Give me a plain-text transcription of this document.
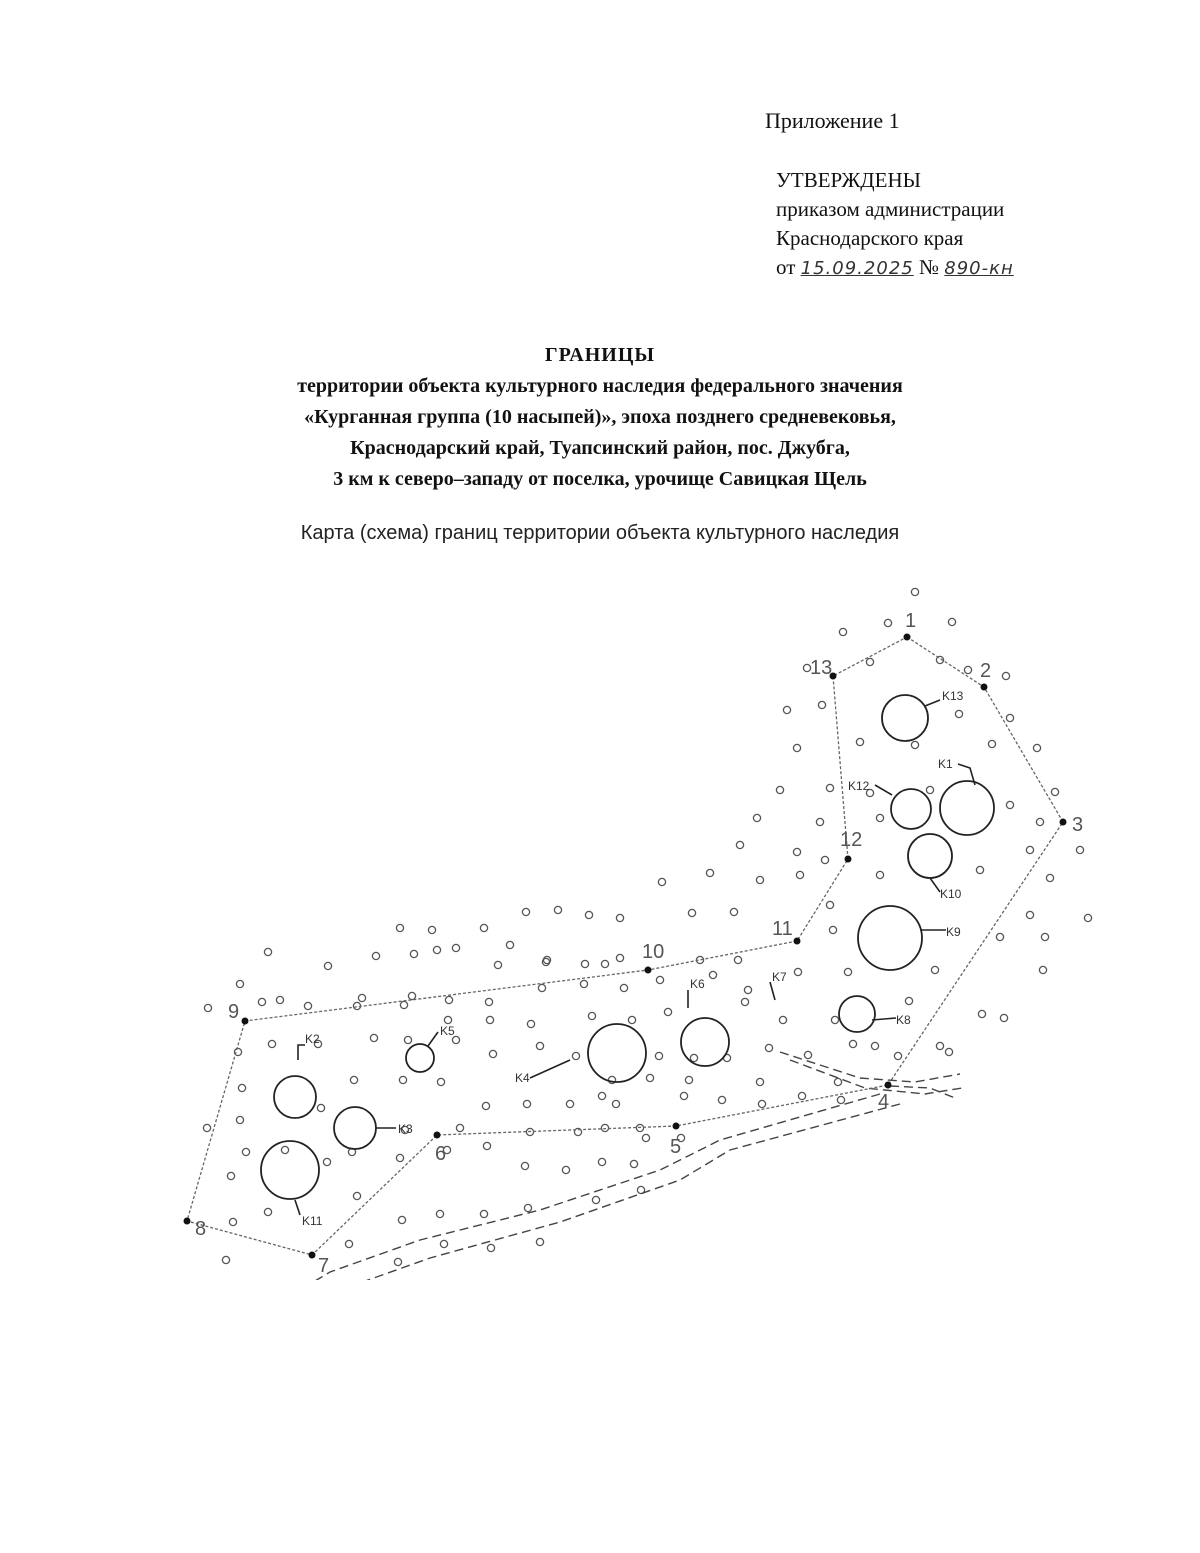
Приложение 1
УТВЕРЖДЕНЫ
приказом администрации
Краснодарского края
от 15.09.2025 № 890-кн
ГРАНИЦЫ
территории объекта культурного наследия федерального значения
«Курганная группа (10 насыпей)», эпоха позднего средневековья,
Краснодарский край, Туапсинский район, пос. Джубга,
3 км к северо–западу от поселка, урочище Савицкая Щель
Карта (схема) границ территории объекта культурного наследия
K1
K2
K3
K4
K5
K6	K7
K8
K9
K10
K11
K12
K13
1
2
3
4
5
6
7
8
9
10
11
12
13
